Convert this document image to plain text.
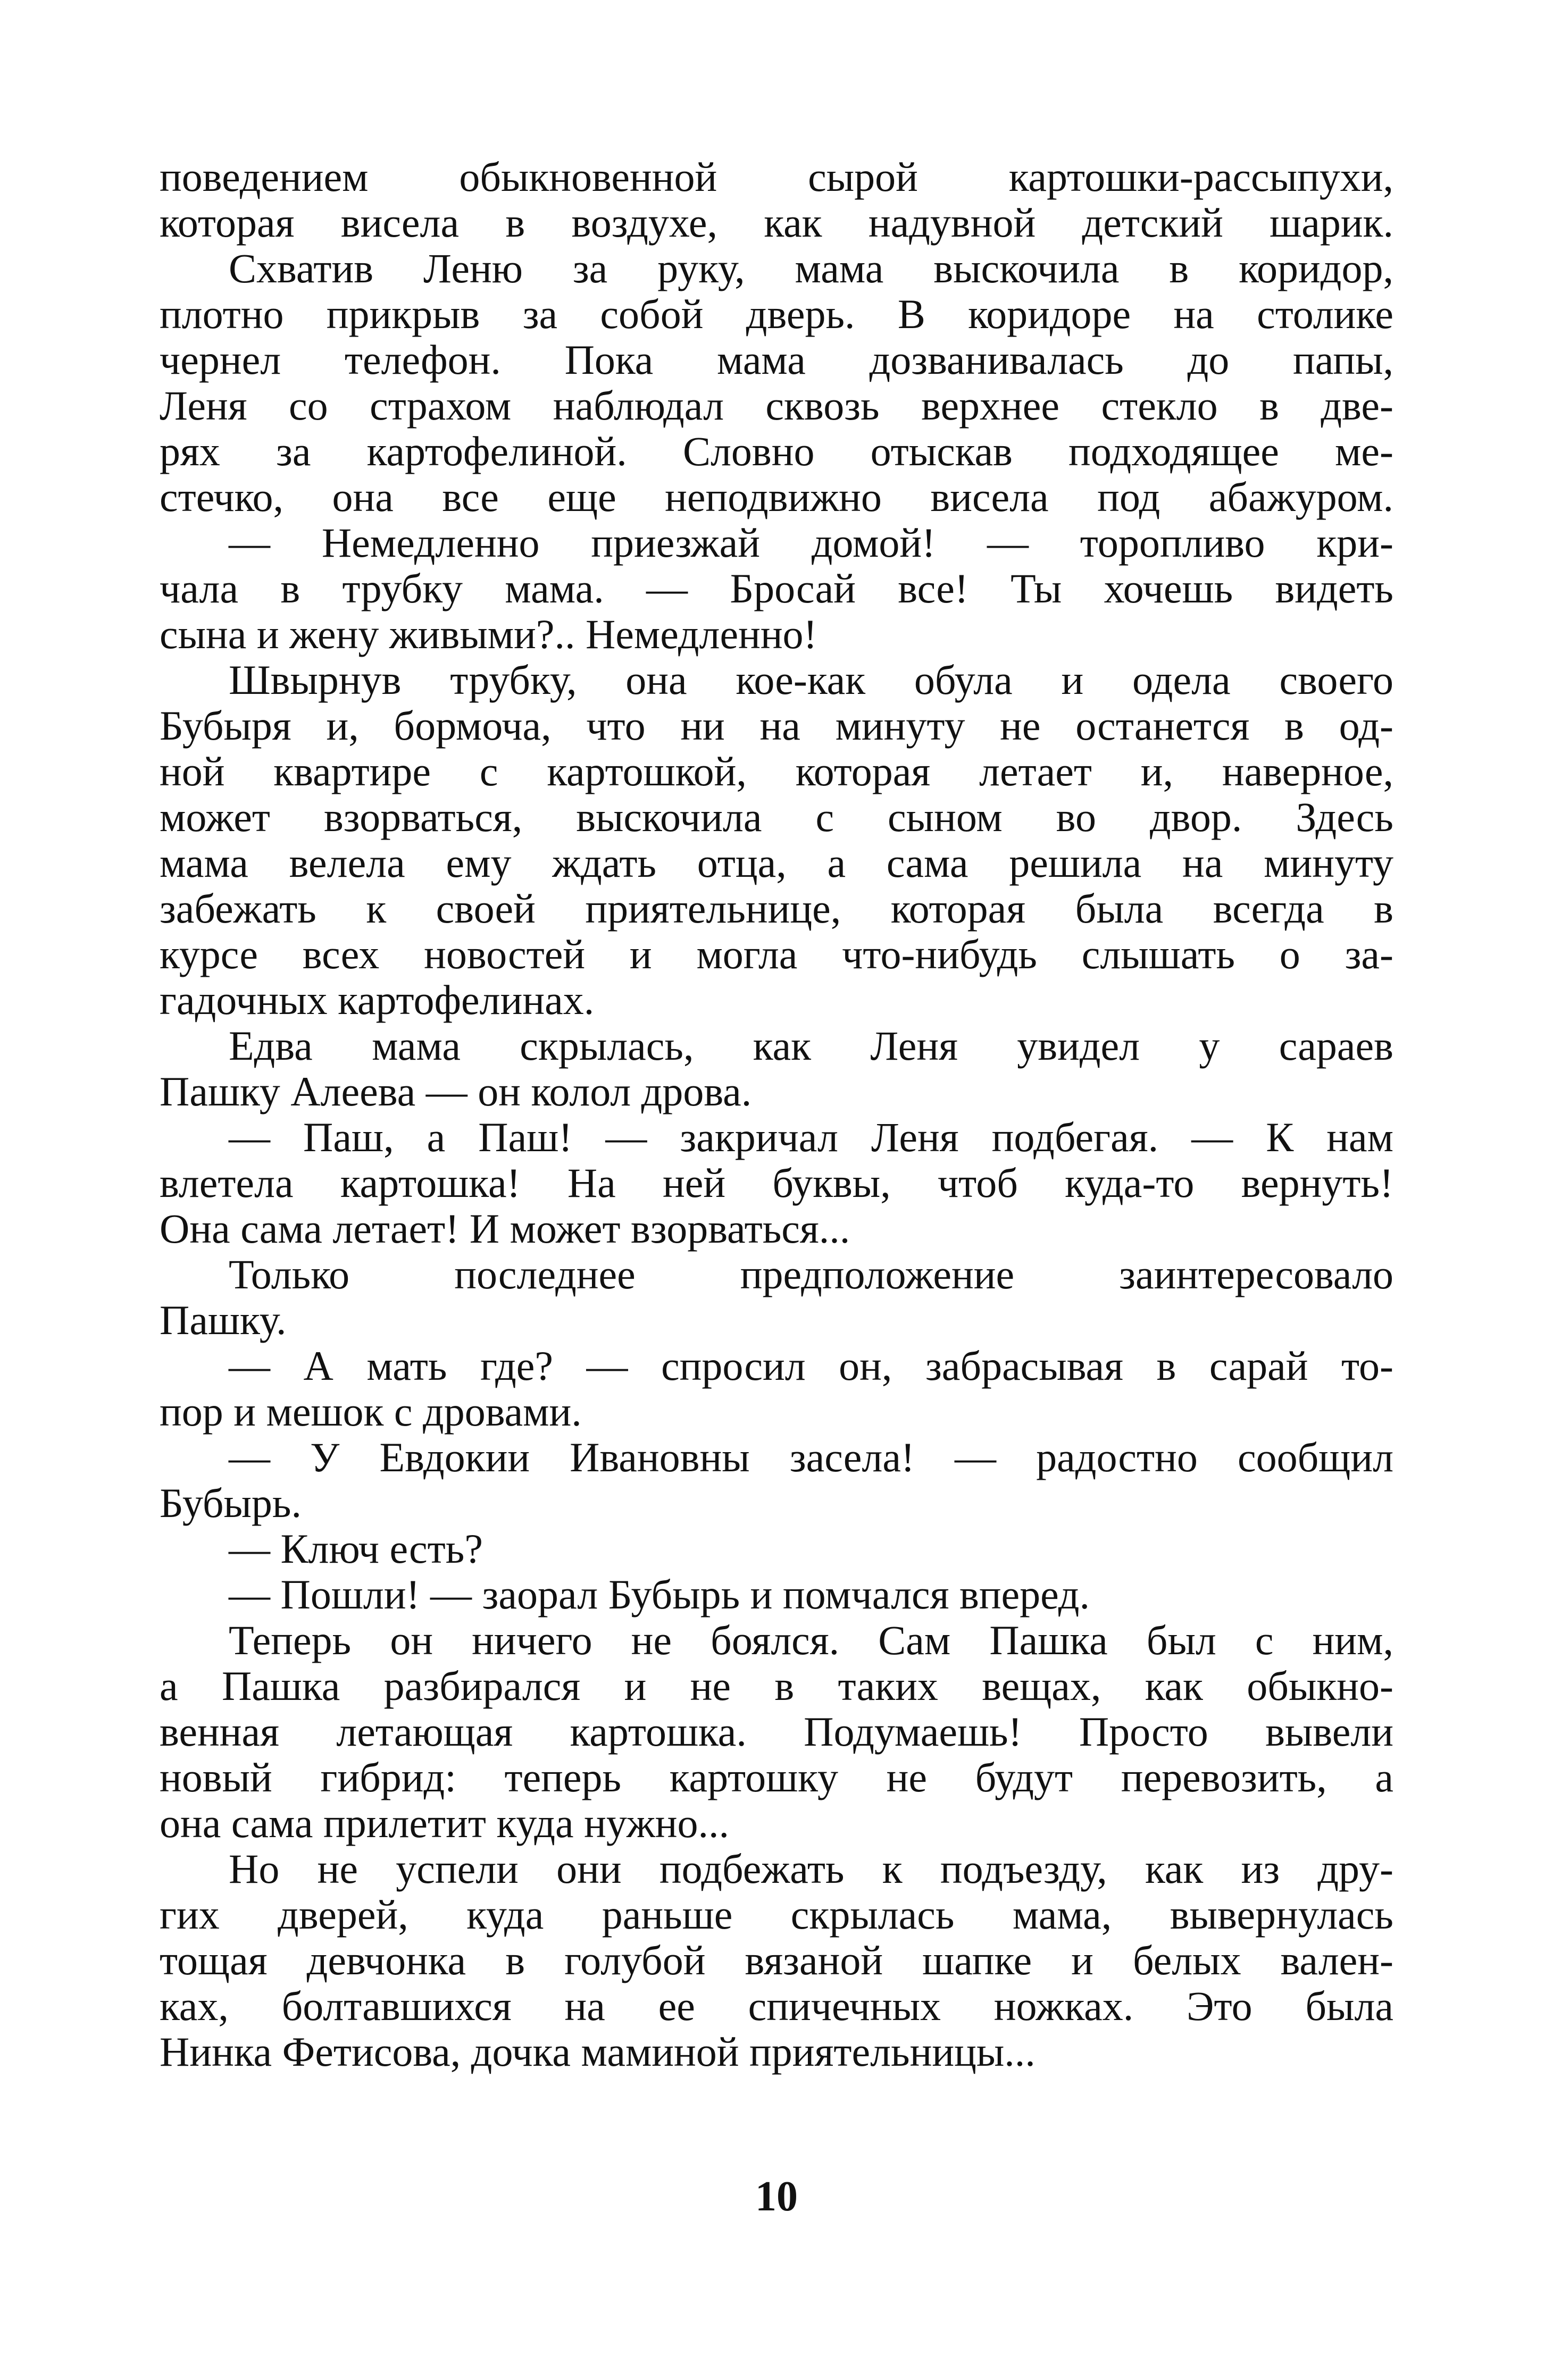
поведением обыкновенной сырой картошки-рассыпухи,
которая висела в воздухе, как надувной детский шарик.
Схватив Леню за руку, мама выскочила в коридор,
плотно прикрыв за собой дверь. В коридоре на столике
чернел телефон. Пока мама дозванивалась до папы,
Леня со страхом наблюдал сквозь верхнее стекло в две-
рях за картофелиной. Словно отыскав подходящее ме-
стечко, она все еще неподвижно висела под абажуром.
— Немедленно приезжай домой! — торопливо кри-
чала в трубку мама. — Бросай все! Ты хочешь видеть
сына и жену живыми?.. Немедленно!
Швырнув трубку, она кое-как обула и одела своего
Бубыря и, бормоча, что ни на минуту не останется в од-
ной квартире с картошкой, которая летает и, наверное,
может взорваться, выскочила с сыном во двор. Здесь
мама велела ему ждать отца, а сама решила на минуту
забежать к своей приятельнице, которая была всегда в
курсе всех новостей и могла что-нибудь слышать о за-
гадочных картофелинах.
Едва мама скрылась, как Леня увидел у сараев
Пашку Алеева — он колол дрова.
— Паш, а Паш! — закричал Леня подбегая. — К нам
влетела картошка! На ней буквы, чтоб куда-то вернуть!
Она сама летает! И может взорваться...
Только последнее предположение заинтересовало
Пашку.
— А мать где? — спросил он, забрасывая в сарай то-
пор и мешок с дровами.
— У Евдокии Ивановны засела! — радостно сообщил
Бубырь.
— Ключ есть?
— Пошли! — заорал Бубырь и помчался вперед.
Теперь он ничего не боялся. Сам Пашка был с ним,
а Пашка разбирался и не в таких вещах, как обыкно-
венная летающая картошка. Подумаешь! Просто вывели
новый гибрид: теперь картошку не будут перевозить, а
она сама прилетит куда нужно...
Но не успели они подбежать к подъезду, как из дру-
гих дверей, куда раньше скрылась мама, вывернулась
тощая девчонка в голубой вязаной шапке и белых вален-
ках, болтавшихся на ее спичечных ножках. Это была
Нинка Фетисова, дочка маминой приятельницы...
10
